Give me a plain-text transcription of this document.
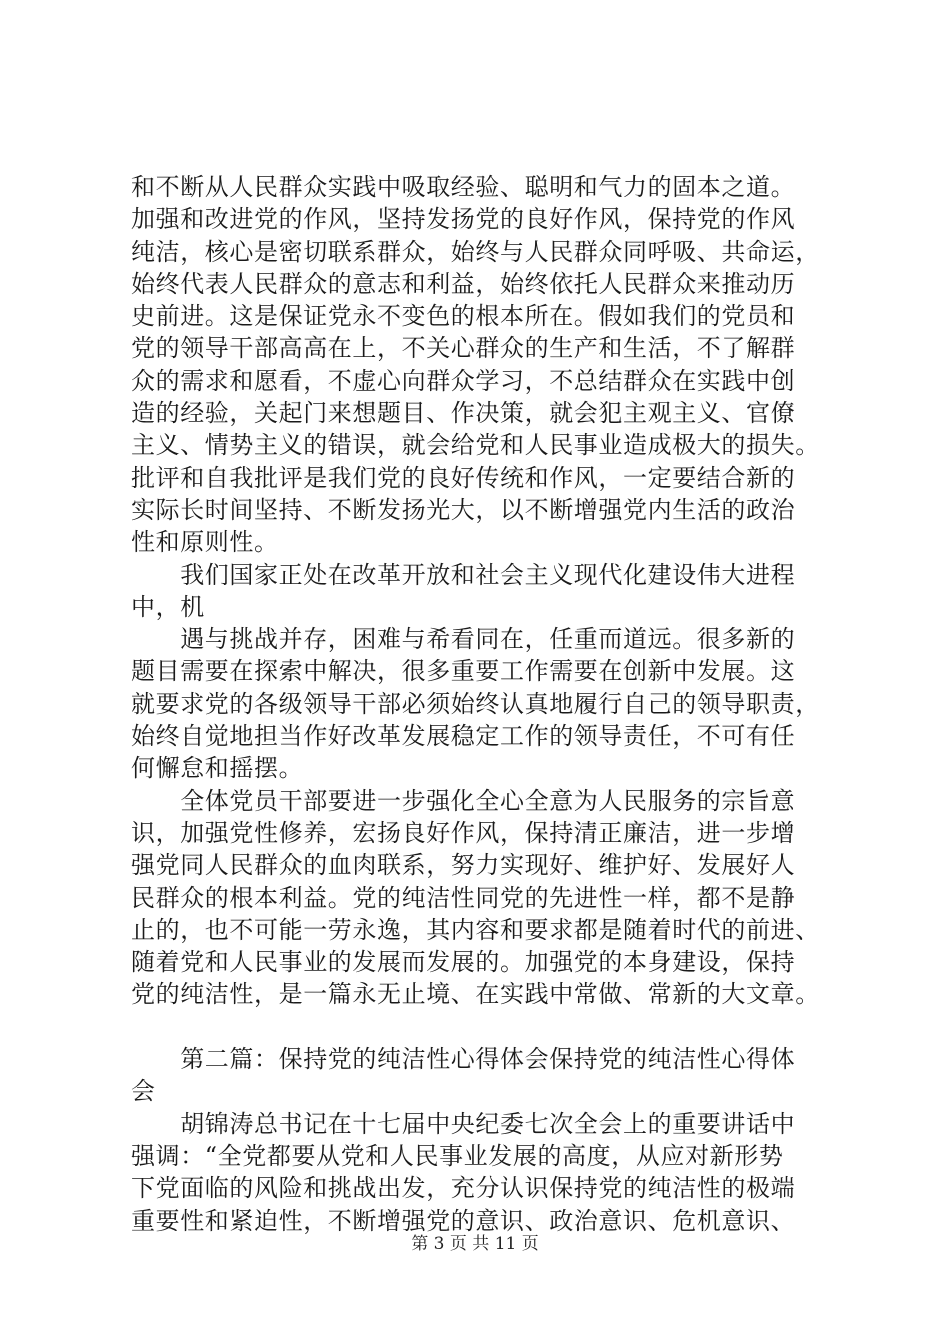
和不断从人民群众实践中吸取经验、聪明和气力的固本之道。
加强和改进党的作风，坚持发扬党的良好作风，保持党的作风
纯洁，核心是密切联系群众，始终与人民群众同呼吸、共命运，
始终代表人民群众的意志和利益，始终依托人民群众来推动历
史前进。这是保证党永不变色的根本所在。假如我们的党员和
党的领导干部高高在上，不关心群众的生产和生活，不了解群
众的需求和愿看，不虚心向群众学习，不总结群众在实践中创
造的经验，关起门来想题目、作决策，就会犯主观主义、官僚
主义、情势主义的错误，就会给党和人民事业造成极大的损失。
批评和自我批评是我们党的良好传统和作风，一定要结合新的
实际长时间坚持、不断发扬光大，以不断增强党内生活的政治
性和原则性。
　　我们国家正处在改革开放和社会主义现代化建设伟大进程
中，机
　　遇与挑战并存，困难与希看同在，任重而道远。很多新的
题目需要在探索中解决，很多重要工作需要在创新中发展。这
就要求党的各级领导干部必须始终认真地履行自己的领导职责，
始终自觉地担当作好改革发展稳定工作的领导责任，不可有任
何懈怠和摇摆。
　　全体党员干部要进一步强化全心全意为人民服务的宗旨意
识，加强党性修养，宏扬良好作风，保持清正廉洁，进一步增
强党同人民群众的血肉联系，努力实现好、维护好、发展好人
民群众的根本利益。党的纯洁性同党的先进性一样，都不是静
止的，也不可能一劳永逸，其内容和要求都是随着时代的前进、
随着党和人民事业的发展而发展的。加强党的本身建设，保持
党的纯洁性，是一篇永无止境、在实践中常做、常新的大文章。
　　第二篇：保持党的纯洁性心得体会保持党的纯洁性心得体
会
　　胡锦涛总书记在十七届中央纪委七次全会上的重要讲话中
强调：“全党都要从党和人民事业发展的高度，从应对新形势
下党面临的风险和挑战出发，充分认识保持党的纯洁性的极端
重要性和紧迫性，不断增强党的意识、政治意识、危机意识、
第 3 页 共 11 页
